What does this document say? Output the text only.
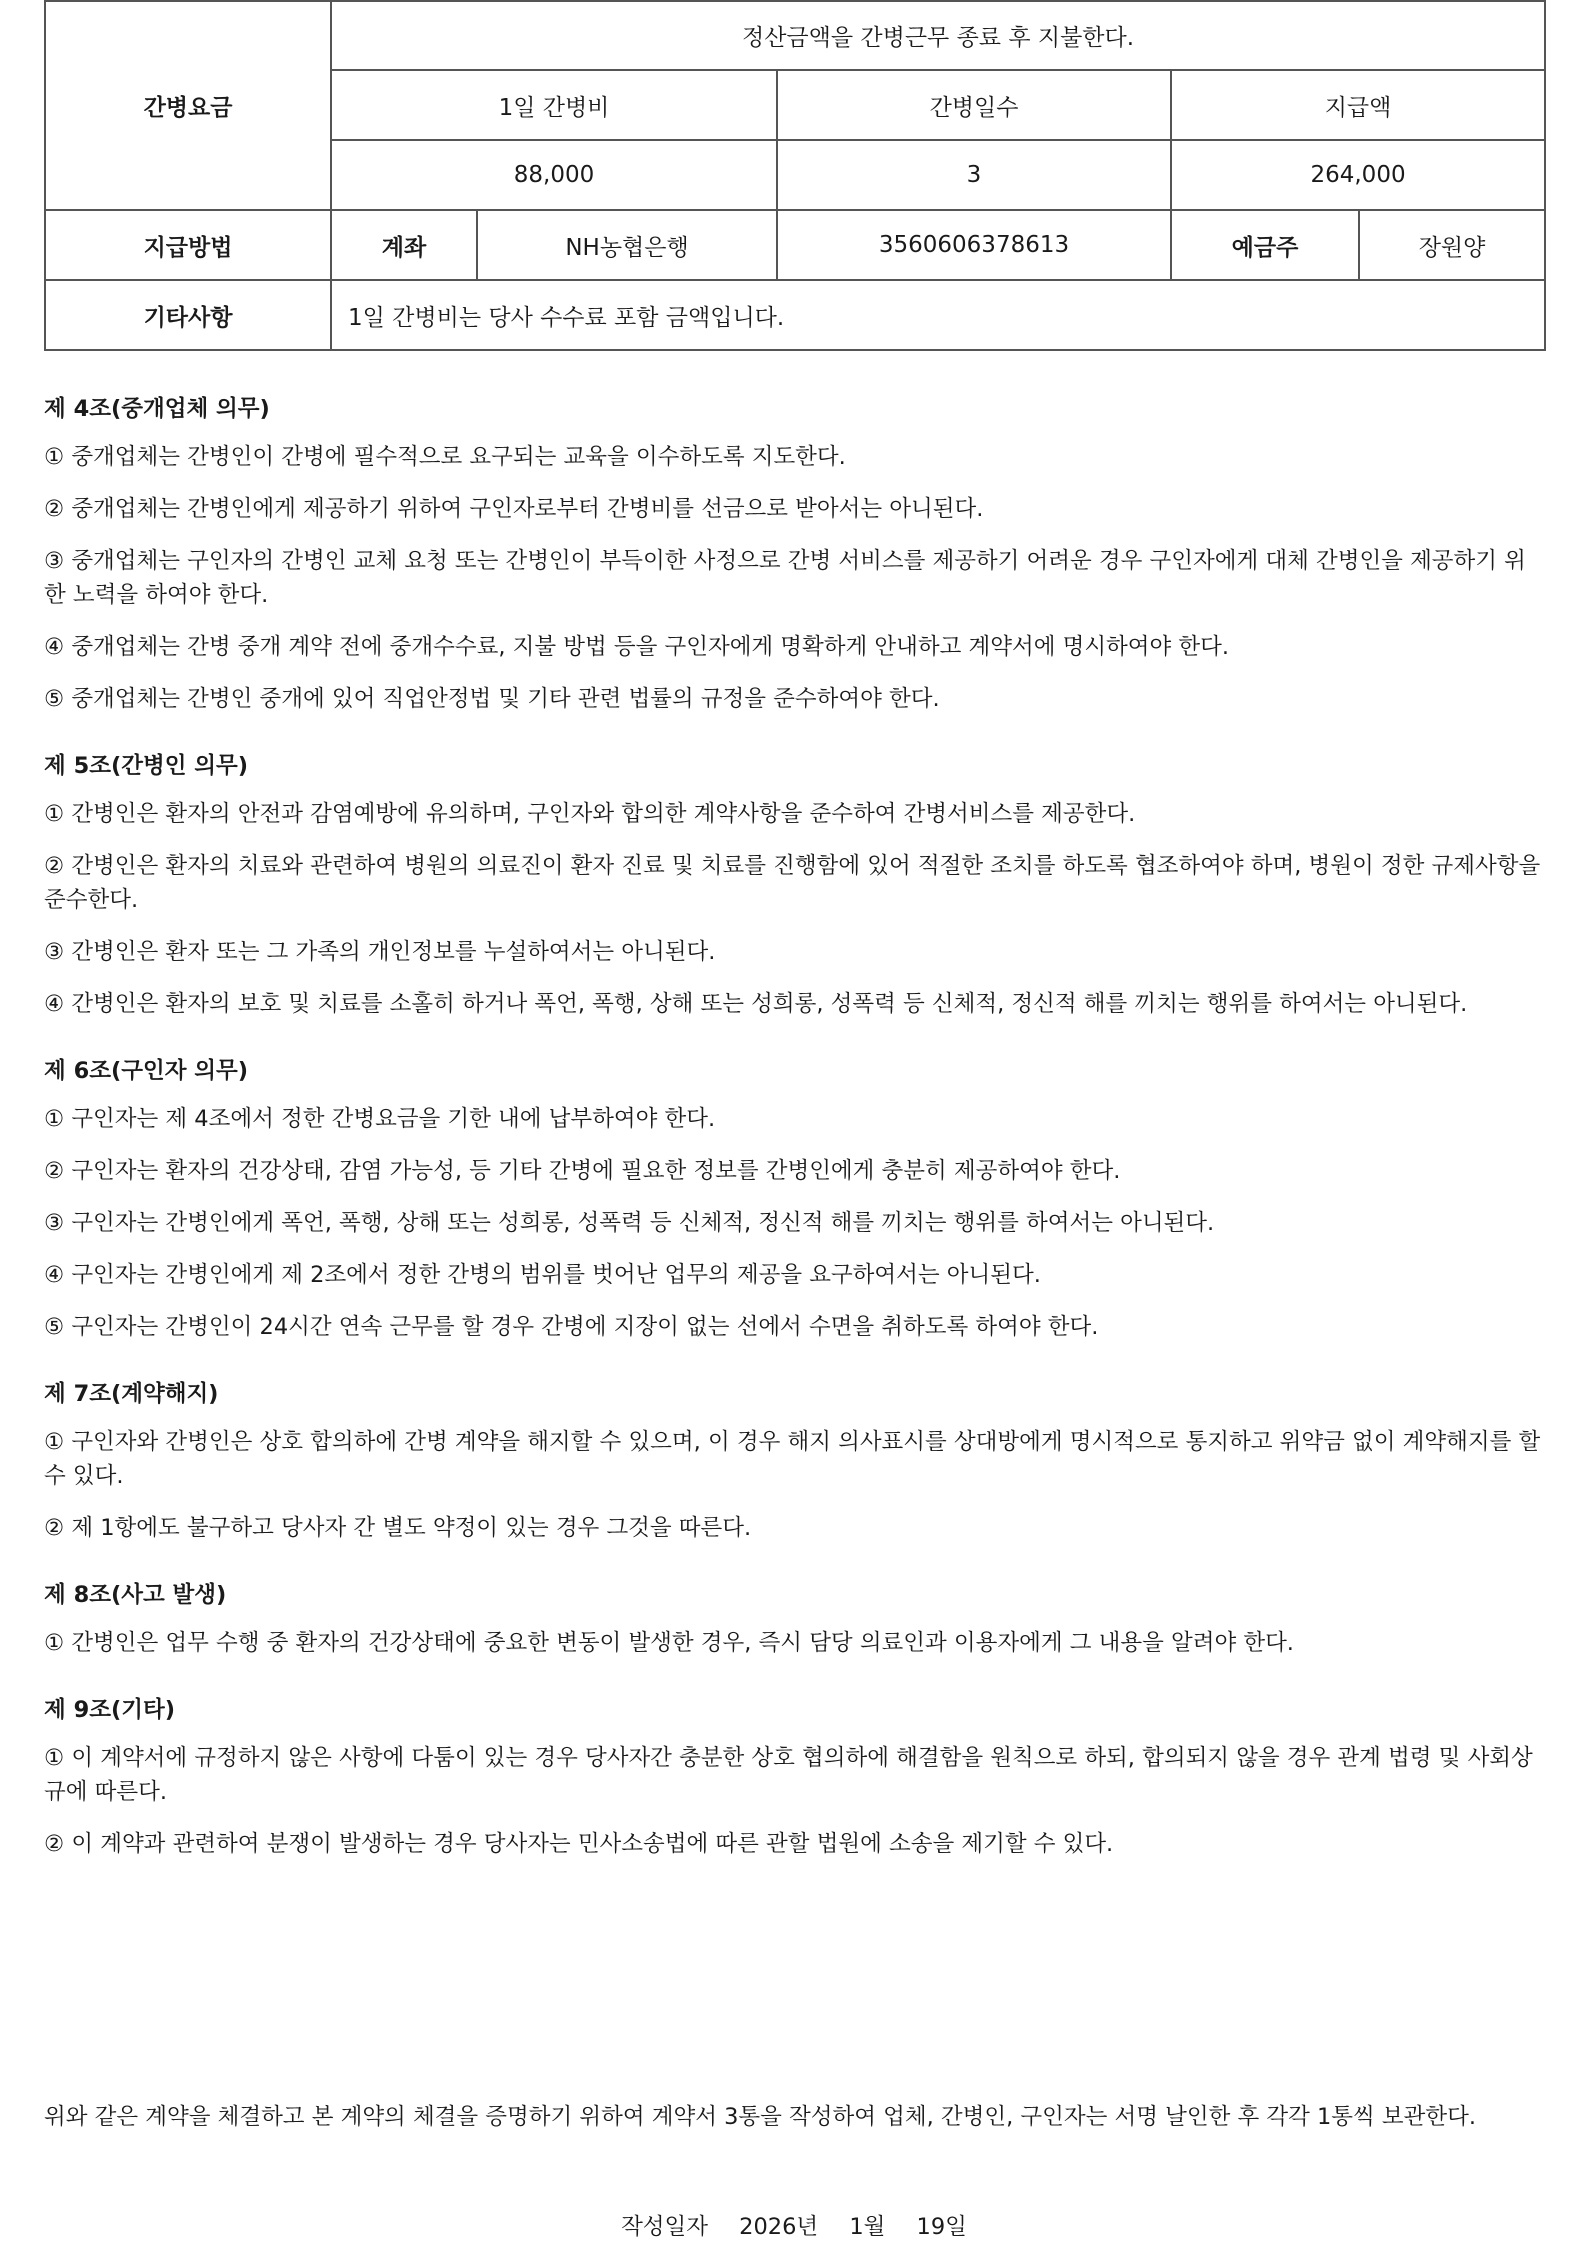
간병요금	정산금액을 간병근무 종료 후 지불한다.				
	1일 간병비		간병일수	지급액	
	88,000		3	264,000	
지급방법	계좌	NH농협은행	3560606378613	예금주	장원양
기타사항	1일 간병비는 당사 수수료 포함 금액입니다.				
제 4조(중개업체 의무)
① 중개업체는 간병인이 간병에 필수적으로 요구되는 교육을 이수하도록 지도한다.
② 중개업체는 간병인에게 제공하기 위하여 구인자로부터 간병비를 선금으로 받아서는 아니된다.
③ 중개업체는 구인자의 간병인 교체 요청 또는 간병인이 부득이한 사정으로 간병 서비스를 제공하기 어려운 경우 구인자에게 대체 간병인을 제공하기 위한 노력을 하여야 한다.
④ 중개업체는 간병 중개 계약 전에 중개수수료, 지불 방법 등을 구인자에게 명확하게 안내하고 계약서에 명시하여야 한다.
⑤ 중개업체는 간병인 중개에 있어 직업안정법 및 기타 관련 법률의 규정을 준수하여야 한다.
제 5조(간병인 의무)
① 간병인은 환자의 안전과 감염예방에 유의하며, 구인자와 합의한 계약사항을 준수하여 간병서비스를 제공한다.
② 간병인은 환자의 치료와 관련하여 병원의 의료진이 환자 진료 및 치료를 진행함에 있어 적절한 조치를 하도록 협조하여야 하며, 병원이 정한 규제사항을 준수한다.
③ 간병인은 환자 또는 그 가족의 개인정보를 누설하여서는 아니된다.
④ 간병인은 환자의 보호 및 치료를 소홀히 하거나 폭언, 폭행, 상해 또는 성희롱, 성폭력 등 신체적, 정신적 해를 끼치는 행위를 하여서는 아니된다.
제 6조(구인자 의무)
① 구인자는 제 4조에서 정한 간병요금을 기한 내에 납부하여야 한다.
② 구인자는 환자의 건강상태, 감염 가능성, 등 기타 간병에 필요한 정보를 간병인에게 충분히 제공하여야 한다.
③ 구인자는 간병인에게 폭언, 폭행, 상해 또는 성희롱, 성폭력 등 신체적, 정신적 해를 끼치는 행위를 하여서는 아니된다.
④ 구인자는 간병인에게 제 2조에서 정한 간병의 범위를 벗어난 업무의 제공을 요구하여서는 아니된다.
⑤ 구인자는 간병인이 24시간 연속 근무를 할 경우 간병에 지장이 없는 선에서 수면을 취하도록 하여야 한다.
제 7조(계약해지)
① 구인자와 간병인은 상호 합의하에 간병 계약을 해지할 수 있으며, 이 경우 해지 의사표시를 상대방에게 명시적으로 통지하고 위약금 없이 계약해지를 할 수 있다.
② 제 1항에도 불구하고 당사자 간 별도 약정이 있는 경우 그것을 따른다.
제 8조(사고 발생)
① 간병인은 업무 수행 중 환자의 건강상태에 중요한 변동이 발생한 경우, 즉시 담당 의료인과 이용자에게 그 내용을 알려야 한다.
제 9조(기타)
① 이 계약서에 규정하지 않은 사항에 다툼이 있는 경우 당사자간 충분한 상호 협의하에 해결함을 원칙으로 하되, 합의되지 않을 경우 관계 법령 및 사회상규에 따른다.
② 이 계약과 관련하여 분쟁이 발생하는 경우 당사자는 민사소송법에 따른 관할 법원에 소송을 제기할 수 있다.
위와 같은 계약을 체결하고 본 계약의 체결을 증명하기 위하여 계약서 3통을 작성하여 업체, 간병인, 구인자는 서명 날인한 후 각각 1통씩 보관한다.
작성일자 2026년 1월 19일
